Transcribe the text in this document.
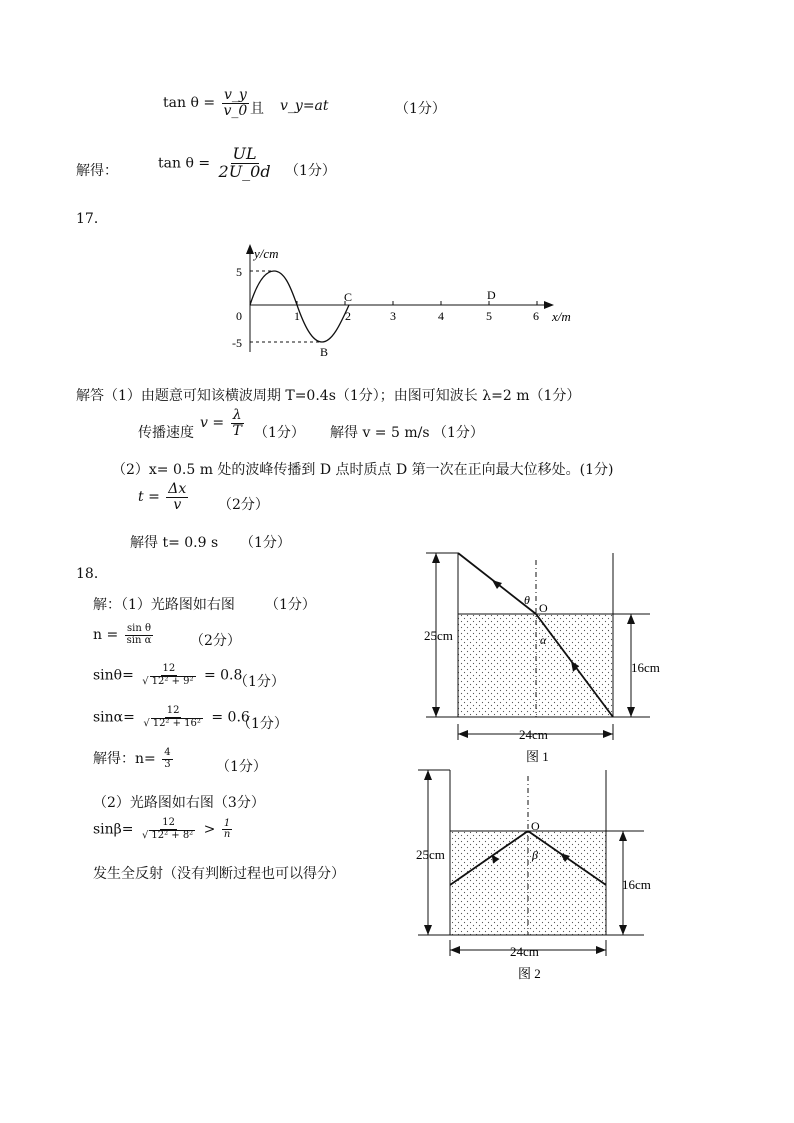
$\tan \theta = \frac{v\_y}{v\_0}$ 且 v_y=at	（1分）
解得：	$\tan \theta = \frac{UL}{2U\_0d} (1$分）
17．
y/cm
5
-5
0	1	2	3	4	5	6 x/m
C	D
B
解答（1）由题意可知该横波周期 T=0.4s（1分）；由图可知波长 λ=2 m（1分）
传播速度
$v = \frac{\lambda}{T} (1$分） 解得 v = 5 m/s （1分）
（2）x= 0.5 m 处的波峰传播到 D 点时质点 D 第一次在正向最大位移处。(1分)
$t = \frac{\Delta x}{v} (2$分）
解得 t= 0.9 s （1分）
18．
解：（1）光路图如右图 （1分）
$n = \frac{\text{sin θ}}{\text{sin α}}$	（2分）
$\sin\theta= \frac{12}{\text{√ 12² + 9²}} = 0.8$
（1分）
$\sin\alpha= \frac{12}{\text{√ 12² + 16²}} = 0.6$
（1分）
解得：$n= \frac{4}{3}$	（1分）
（2）光路图如右图（3分）
$\sin\beta= \frac{12}{\text{√ 12² + 8²}} > \frac{1}{n}$
发生全反射（没有判断过程也可以得分）
25cm
16cm
24cm
图 1
O
θ
α
25cm
16cm
24cm
图 2
O
β
